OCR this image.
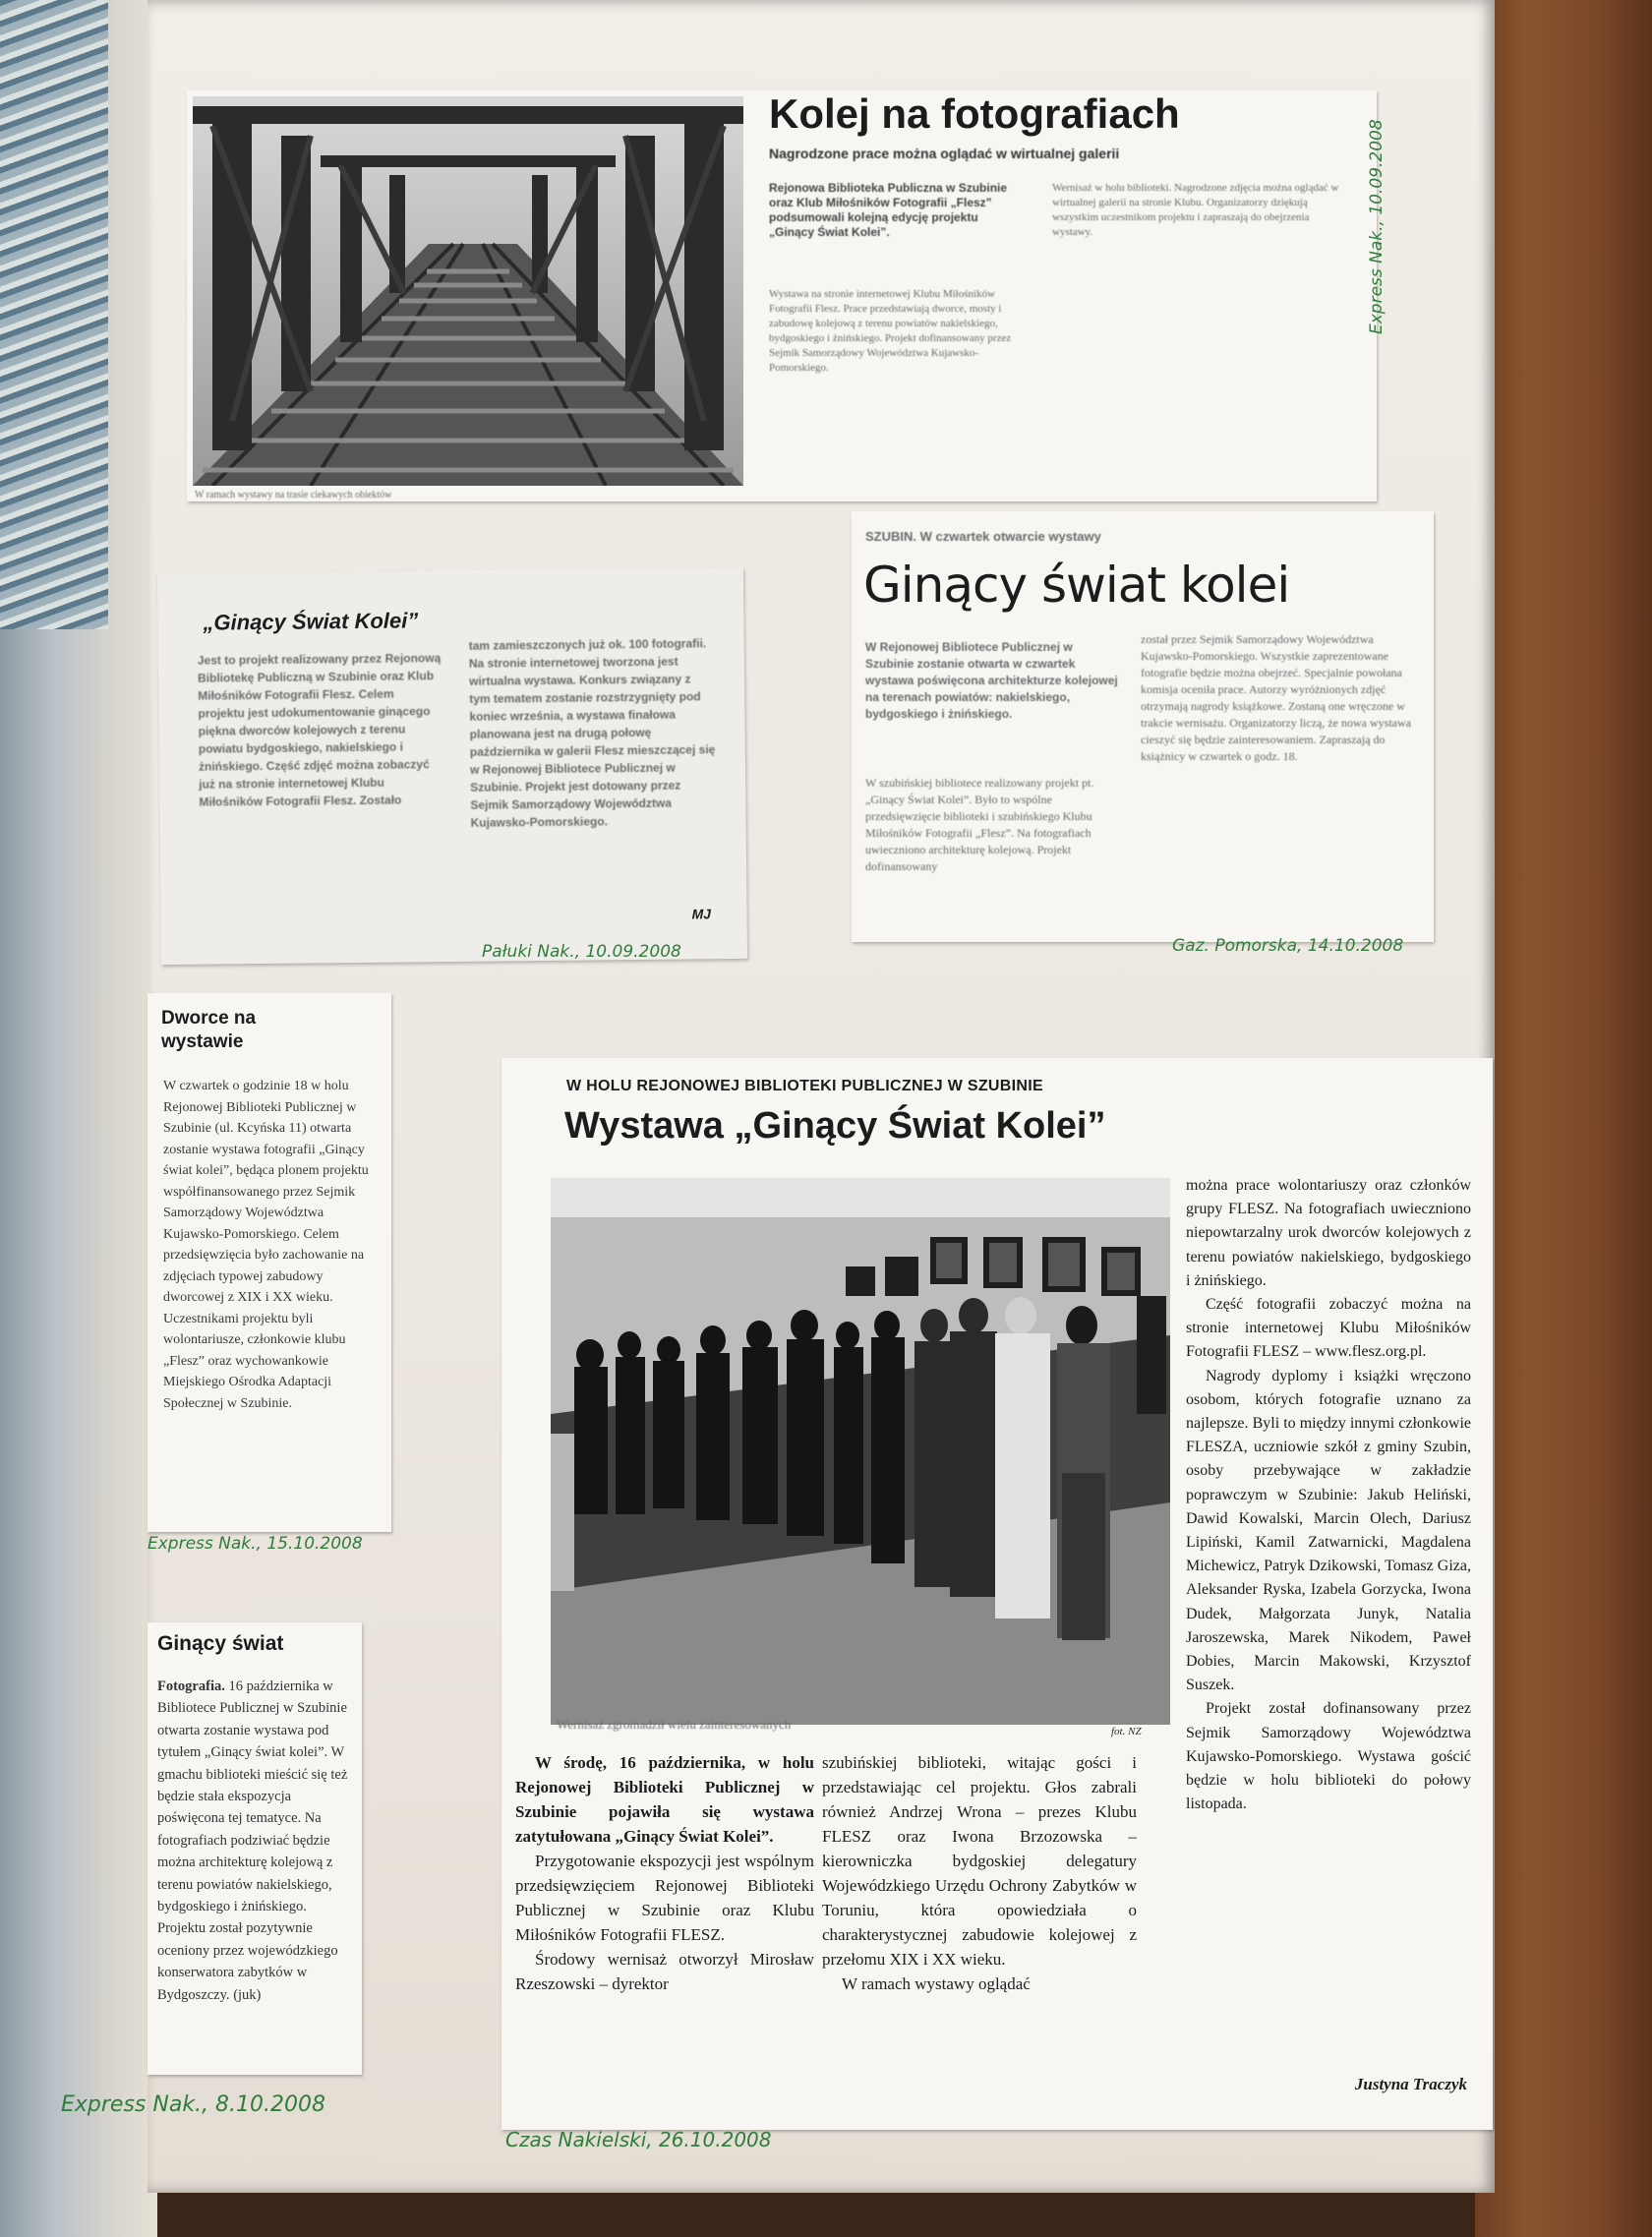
W ramach wystawy na trasie ciekawych obiektów
Kolej na fotografiach
Nagrodzone prace można oglądać w wirtualnej galerii
Rejonowa Biblioteka Publiczna w Szubinie oraz Klub Miłośników Fotografii „Flesz” podsumowali kolejną edycję projektu „Ginący Świat Kolei”.
Wystawa na stronie internetowej Klubu Miłośników Fotografii Flesz. Prace przedstawiają dworce, mosty i zabudowę kolejową z terenu powiatów nakielskiego, bydgoskiego i żnińskiego. Projekt dofinansowany przez Sejmik Samorządowy Województwa Kujawsko-Pomorskiego.
Wernisaż w holu biblioteki. Nagrodzone zdjęcia można oglądać w wirtualnej galerii na stronie Klubu. Organizatorzy dziękują wszystkim uczestnikom projektu i zapraszają do obejrzenia wystawy.	Express Nak., 10.09.2008
„Ginący Świat Kolei”
Jest to projekt realizowany przez Rejonową Bibliotekę Publiczną w Szubinie oraz Klub Miłośników Fotografii Flesz. Celem projektu jest udokumentowanie ginącego piękna dworców kolejowych z terenu powiatu bydgoskiego, nakielskiego i żnińskiego. Część zdjęć można zobaczyć już na stronie internetowej Klubu Miłośników Fotografii Flesz. Zostało
tam zamieszczonych już ok. 100 fotografii. Na stronie internetowej tworzona jest wirtualna wystawa. Konkurs związany z tym tematem zostanie rozstrzygnięty pod koniec września, a wystawa finałowa planowana jest na drugą połowę października w galerii Flesz mieszczącej się w Rejonowej Bibliotece Publicznej w Szubinie. Projekt jest dotowany przez Sejmik Samorządowy Województwa Kujawsko-Pomorskiego.
MJ
Pałuki Nak., 10.09.2008
SZUBIN. W czwartek otwarcie wystawy
Ginący świat kolei
W Rejonowej Bibliotece Publicznej w Szubinie zostanie otwarta w czwartek wystawa poświęcona architekturze kolejowej na terenach powiatów: nakielskiego, bydgoskiego i żnińskiego.
W szubińskiej bibliotece realizowany projekt pt. „Ginący Świat Kolei”. Było to wspólne przedsięwzięcie biblioteki i szubińskiego Klubu Miłośników Fotografii „Flesz”. Na fotografiach uwieczniono architekturę kolejową. Projekt dofinansowany
został przez Sejmik Samorządowy Województwa Kujawsko-Pomorskiego. Wszystkie zaprezentowane fotografie będzie można obejrzeć. Specjalnie powołana komisja oceniła prace. Autorzy wyróżnionych zdjęć otrzymają nagrody książkowe. Zostaną one wręczone w trakcie wernisażu. Organizatorzy liczą, że nowa wystawa cieszyć się będzie zainteresowaniem. Zapraszają do książnicy w czwartek o godz. 18.
Gaz. Pomorska, 14.10.2008
Dworce na wystawie
W czwartek o godzinie 18 w holu Rejonowej Biblioteki Publicznej w Szubinie (ul. Kcyńska 11) otwarta zostanie wystawa fotografii „Ginący świat kolei”, będąca plonem projektu współfinansowanego przez Sejmik Samorządowy Województwa Kujawsko-Pomorskiego. Celem przedsięwzięcia było zachowanie na zdjęciach typowej zabudowy dworcowej z XIX i XX wieku. Uczestnikami projektu byli wolontariusze, członkowie klubu „Flesz” oraz wychowankowie Miejskiego Ośrodka Adaptacji Społecznej w Szubinie.
Express Nak., 15.10.2008
Ginący świat
Fotografia. 16 października w Bibliotece Publicznej w Szubinie otwarta zostanie wystawa pod tytułem „Ginący świat kolei”. W gmachu biblioteki mieścić się też będzie stała ekspozycja poświęcona tej tematyce. Na fotografiach podziwiać będzie można architekturę kolejową z terenu powiatów nakielskiego, bydgoskiego i żnińskiego. Projektu został pozytywnie oceniony przez wojewódzkiego konserwatora zabytków w Bydgoszczy. (juk)
Express Nak., 8.10.2008
W HOLU REJONOWEJ BIBLIOTEKI PUBLICZNEJ W SZUBINIE
Wystawa „Ginący Świat Kolei”
Wernisaż zgromadził wielu zainteresowanych	fot. NZ

W środę, 16 października, w holu Rejonowej Biblioteki Publicznej w Szubinie pojawiła się wystawa zatytułowana „Ginący Świat Kolei”.

Przygotowanie ekspozycji jest wspólnym przedsięwzięciem Rejonowej Biblioteki Publicznej w Szubinie oraz Klubu Miłośników Fotografii FLESZ.

Środowy wernisaż otworzył Mirosław Rzeszowski – dyrektor

szubińskiej biblioteki, witając gości i przedstawiając cel projektu. Głos zabrali również Andrzej Wrona – prezes Klubu FLESZ oraz Iwona Brzozowska – kierowniczka bydgoskiej delegatury Wojewódzkiego Urzędu Ochrony Zabytków w Toruniu, która opowiedziała o charakterystycznej zabudowie kolejowej z przełomu XIX i XX wieku.

W ramach wystawy oglądać

można prace wolontariuszy oraz członków grupy FLESZ. Na fotografiach uwieczniono niepowtarzalny urok dworców kolejowych z terenu powiatów nakielskiego, bydgoskiego i żnińskiego.

Część fotografii zobaczyć można na stronie internetowej Klubu Miłośników Fotografii FLESZ – www.flesz.org.pl.

Nagrody dyplomy i książki wręczono osobom, których fotografie uznano za najlepsze. Byli to między innymi członkowie FLESZA, uczniowie szkół z gminy Szubin, osoby przebywające w zakładzie poprawczym w Szubinie: Jakub Heliński, Dawid Kowalski, Marcin Olech, Dariusz Lipiński, Kamil Zatwarnicki, Magdalena Michewicz, Patryk Dzikowski, Tomasz Giza, Aleksander Ryska, Izabela Gorzycka, Iwona Dudek, Małgorzata Junyk, Natalia Jaroszewska, Marek Nikodem, Paweł Dobies, Marcin Makowski, Krzysztof Suszek.

Projekt został dofinansowany przez Sejmik Samorządowy Województwa Kujawsko-Pomorskiego. Wystawa gościć będzie w holu biblioteki do połowy listopada.

Justyna Traczyk
Czas Nakielski, 26.10.2008
